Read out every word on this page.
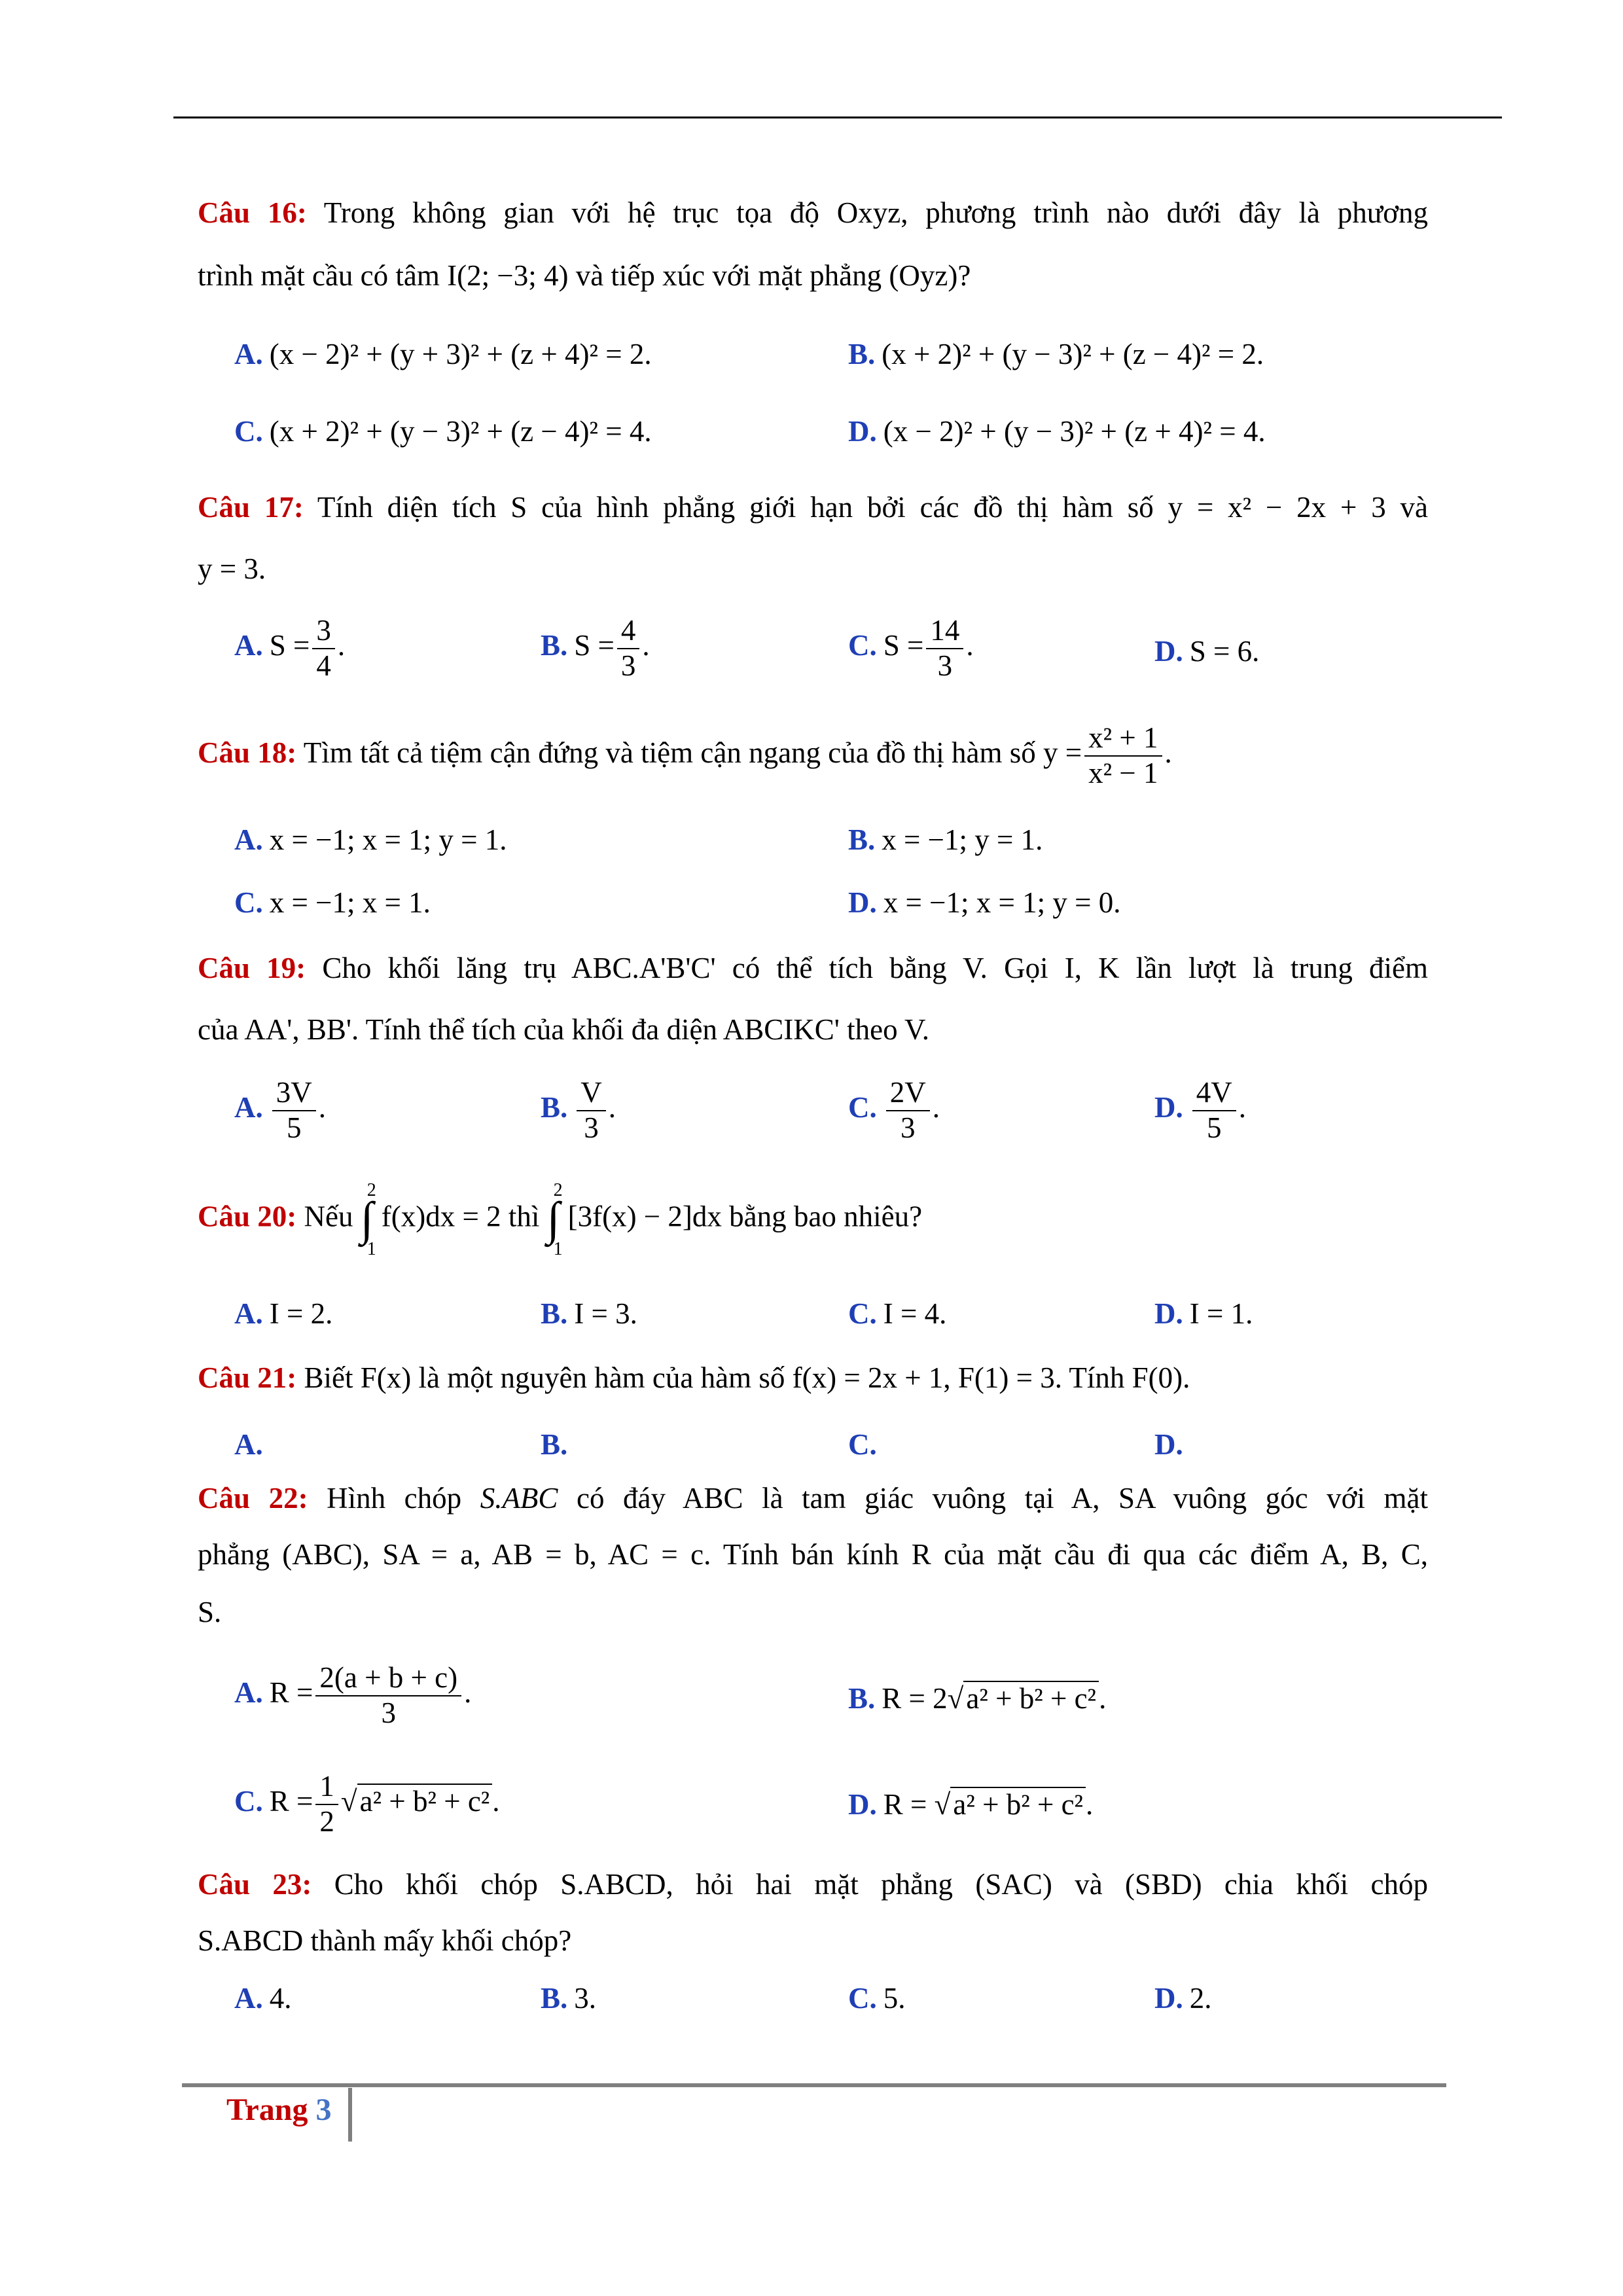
Câu 16: Trong không gian với hệ trục tọa độ Oxyz, phương trình nào dưới đây là phương
trình mặt cầu có tâm I(2; −3; 4) và tiếp xúc với mặt phẳng (Oyz)?
A. (x − 2)² + (y + 3)² + (z + 4)² = 2.	B. (x + 2)² + (y − 3)² + (z − 4)² = 2.
C. (x + 2)² + (y − 3)² + (z − 4)² = 4.	D. (x − 2)² + (y − 3)² + (z + 4)² = 4.
Câu 17: Tính diện tích S của hình phẳng giới hạn bởi các đồ thị hàm số y = x² − 2x + 3 và
y = 3.
A. $S = \frac{3}{4}$ .	B. $S = \frac{4}{3}$ .	C. $S = \frac{14}{3}$ .	D. S = 6.
Câu 18: Tìm tất cả tiệm cận đứng và tiệm cận ngang của đồ thị hàm số $y = \frac{\text{x² + 1}}{\text{x² − 1}}$ .
A. x = −1; x = 1; y = 1.	B. x = −1; y = 1.
C. x = −1; x = 1.	D. x = −1; x = 1; y = 0.
Câu 19: Cho khối lăng trụ ABC.A'B'C' có thể tích bằng V. Gọi I, K lần lượt là trung điểm
của AA', BB'. Tính thể tích của khối đa diện ABCIKC' theo V.
A. $\frac{3V}{5}$ .	B. $\frac{V}{3}$ .	C. $\frac{2V}{3}$ .	D. $\frac{4V}{5}$ .
Câu 20: Nếu
2
∫
1
f(x)dx = 2 thì
2
∫
1
[3f(x) − 2]dx bằng bao nhiêu?
A. I = 2.	B. I = 3.	C. I = 4.	D. I = 1.
Câu 21: Biết F(x) là một nguyên hàm của hàm số f(x) = 2x + 1, F(1) = 3. Tính F(0).
A.	B.	C.	D.
Câu 22: Hình chóp S.ABC có đáy ABC là tam giác vuông tại A, SA vuông góc với mặt
phẳng (ABC), SA = a, AB = b, AC = c. Tính bán kính R của mặt cầu đi qua các điểm A, B, C,
S.
A. $R = \frac{2(a + b + c)}{3}$ .	B. R = 2√a² + b² + c².
C. $R = \frac{1}{2} √a^2 + b^2 + c^2$.	D. R = √a² + b² + c².
Câu 23: Cho khối chóp S.ABCD, hỏi hai mặt phẳng (SAC) và (SBD) chia khối chóp
S.ABCD thành mấy khối chóp?
A. 4.	B. 3.	C. 5.	D. 2.
Trang 3
